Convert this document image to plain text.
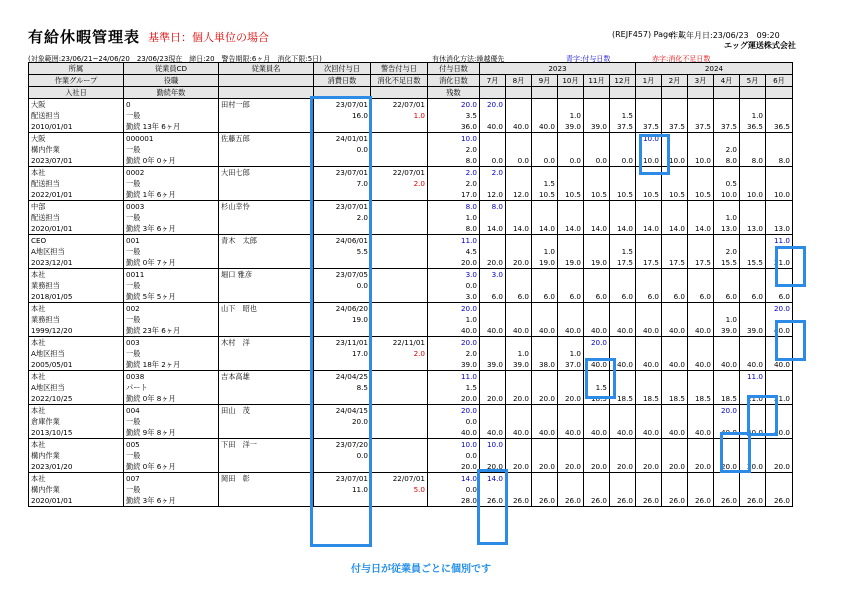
有給休暇管理表 基準日：個人単位の場合	(REJF457) Page: 1
作成年月日:23/06/23　09:20
エッグ運送株式会社
(対象範囲:23/06/21~24/06/20　23/06/23現在　締日:20　警告期限:6ヶ月　消化下限:5日)	有休消化方法:繰越優先	青字:付与日数	赤字:消化不足日数
所属	従業員CD	従業員名	次回付与日	警告付与日	付与日数	2023						2024					
作業グループ	役職		消費日数	消化不足日数	消化日数	7月	8月	9月	10月	11月	12月	1月	2月	3月	4月	5月	6月
入社日	勤続年数				残数												
大阪	0	田村一郎	23/07/01	22/07/01	20.0	20.0											
配送担当	一般		16.0	1.0	3.5				1.0		1.5					1.0	
2010/01/01	勤続 13年 6ヶ月				36.0	40.0	40.0	40.0	39.0	39.0	37.5	37.5	37.5	37.5	37.5	36.5	36.5
大阪	000001	佐藤五郎	24/01/01		10.0							10.0					
構内作業	一般		0.0		2.0										2.0		
2023/07/01	勤続 0年 0ヶ月				8.0	0.0	0.0	0.0	0.0	0.0	0.0	10.0	10.0	10.0	8.0	8.0	8.0
本社	0002	大田七郎	23/07/01	22/07/01	2.0	2.0											
配送担当	一般		7.0	2.0	2.0			1.5							0.5		
2022/01/01	勤続 1年 6ヶ月				17.0	12.0	12.0	10.5	10.5	10.5	10.5	10.5	10.5	10.5	10.0	10.0	10.0
中部	0003	杉山幸怜	23/07/01		8.0	8.0											
配送担当	一般		2.0		1.0										1.0		
2020/01/01	勤続 3年 6ヶ月				8.0	14.0	14.0	14.0	14.0	14.0	14.0	14.0	14.0	14.0	13.0	13.0	13.0
CEO	001	青木　太郎	24/06/01		11.0												11.0
A地区担当	一般		5.5		4.5			1.0			1.5				2.0		
2023/12/01	勤続 0年 7ヶ月				20.0	20.0	20.0	19.0	19.0	19.0	17.5	17.5	17.5	17.5	15.5	15.5	21.0
本社	0011	堀口 雅彦	23/07/05		3.0	3.0											
業務担当	一般		0.0		0.0												
2018/01/05	勤続 5年 5ヶ月				3.0	6.0	6.0	6.0	6.0	6.0	6.0	6.0	6.0	6.0	6.0	6.0	6.0
本社	002	山下　昭也	24/06/20		20.0												20.0
業務担当	一般		19.0		1.0										1.0		
1999/12/20	勤続 23年 6ヶ月				40.0	40.0	40.0	40.0	40.0	40.0	40.0	40.0	40.0	40.0	39.0	39.0	40.0
本社	003	木村　洋	23/11/01	22/11/01	20.0					20.0							
A地区担当	一般		17.0	2.0	2.0		1.0		1.0								
2005/05/01	勤続 18年 2ヶ月				39.0	39.0	39.0	38.0	37.0	40.0	40.0	40.0	40.0	40.0	40.0	40.0	40.0
本社	0038	吉本高雄	24/04/25		11.0											11.0	
A地区担当	パート		8.5		1.5					1.5							
2022/10/25	勤続 0年 8ヶ月				20.0	20.0	20.0	20.0	20.0	18.5	18.5	18.5	18.5	18.5	18.5	21.0	21.0
本社	004	田山　茂	24/04/15		20.0										20.0		
倉庫作業	一般		20.0		0.0												
2013/10/15	勤続 9年 8ヶ月				40.0	40.0	40.0	40.0	40.0	40.0	40.0	40.0	40.0	40.0	40.0	40.0	40.0
本社	005	下田　洋一	23/07/20		10.0	10.0											
構内作業	一般		0.0		0.0												
2023/01/20	勤続 0年 6ヶ月				20.0	20.0	20.0	20.0	20.0	20.0	20.0	20.0	20.0	20.0	20.0	20.0	20.0
本社	007	岡田　彰	23/07/01	22/07/01	14.0	14.0											
構内作業	一般		11.0	5.0	0.0												
2020/01/01	勤続 3年 6ヶ月				28.0	26.0	26.0	26.0	26.0	26.0	26.0	26.0	26.0	26.0	26.0	26.0	26.0
付与日が従業員ごとに個別です
